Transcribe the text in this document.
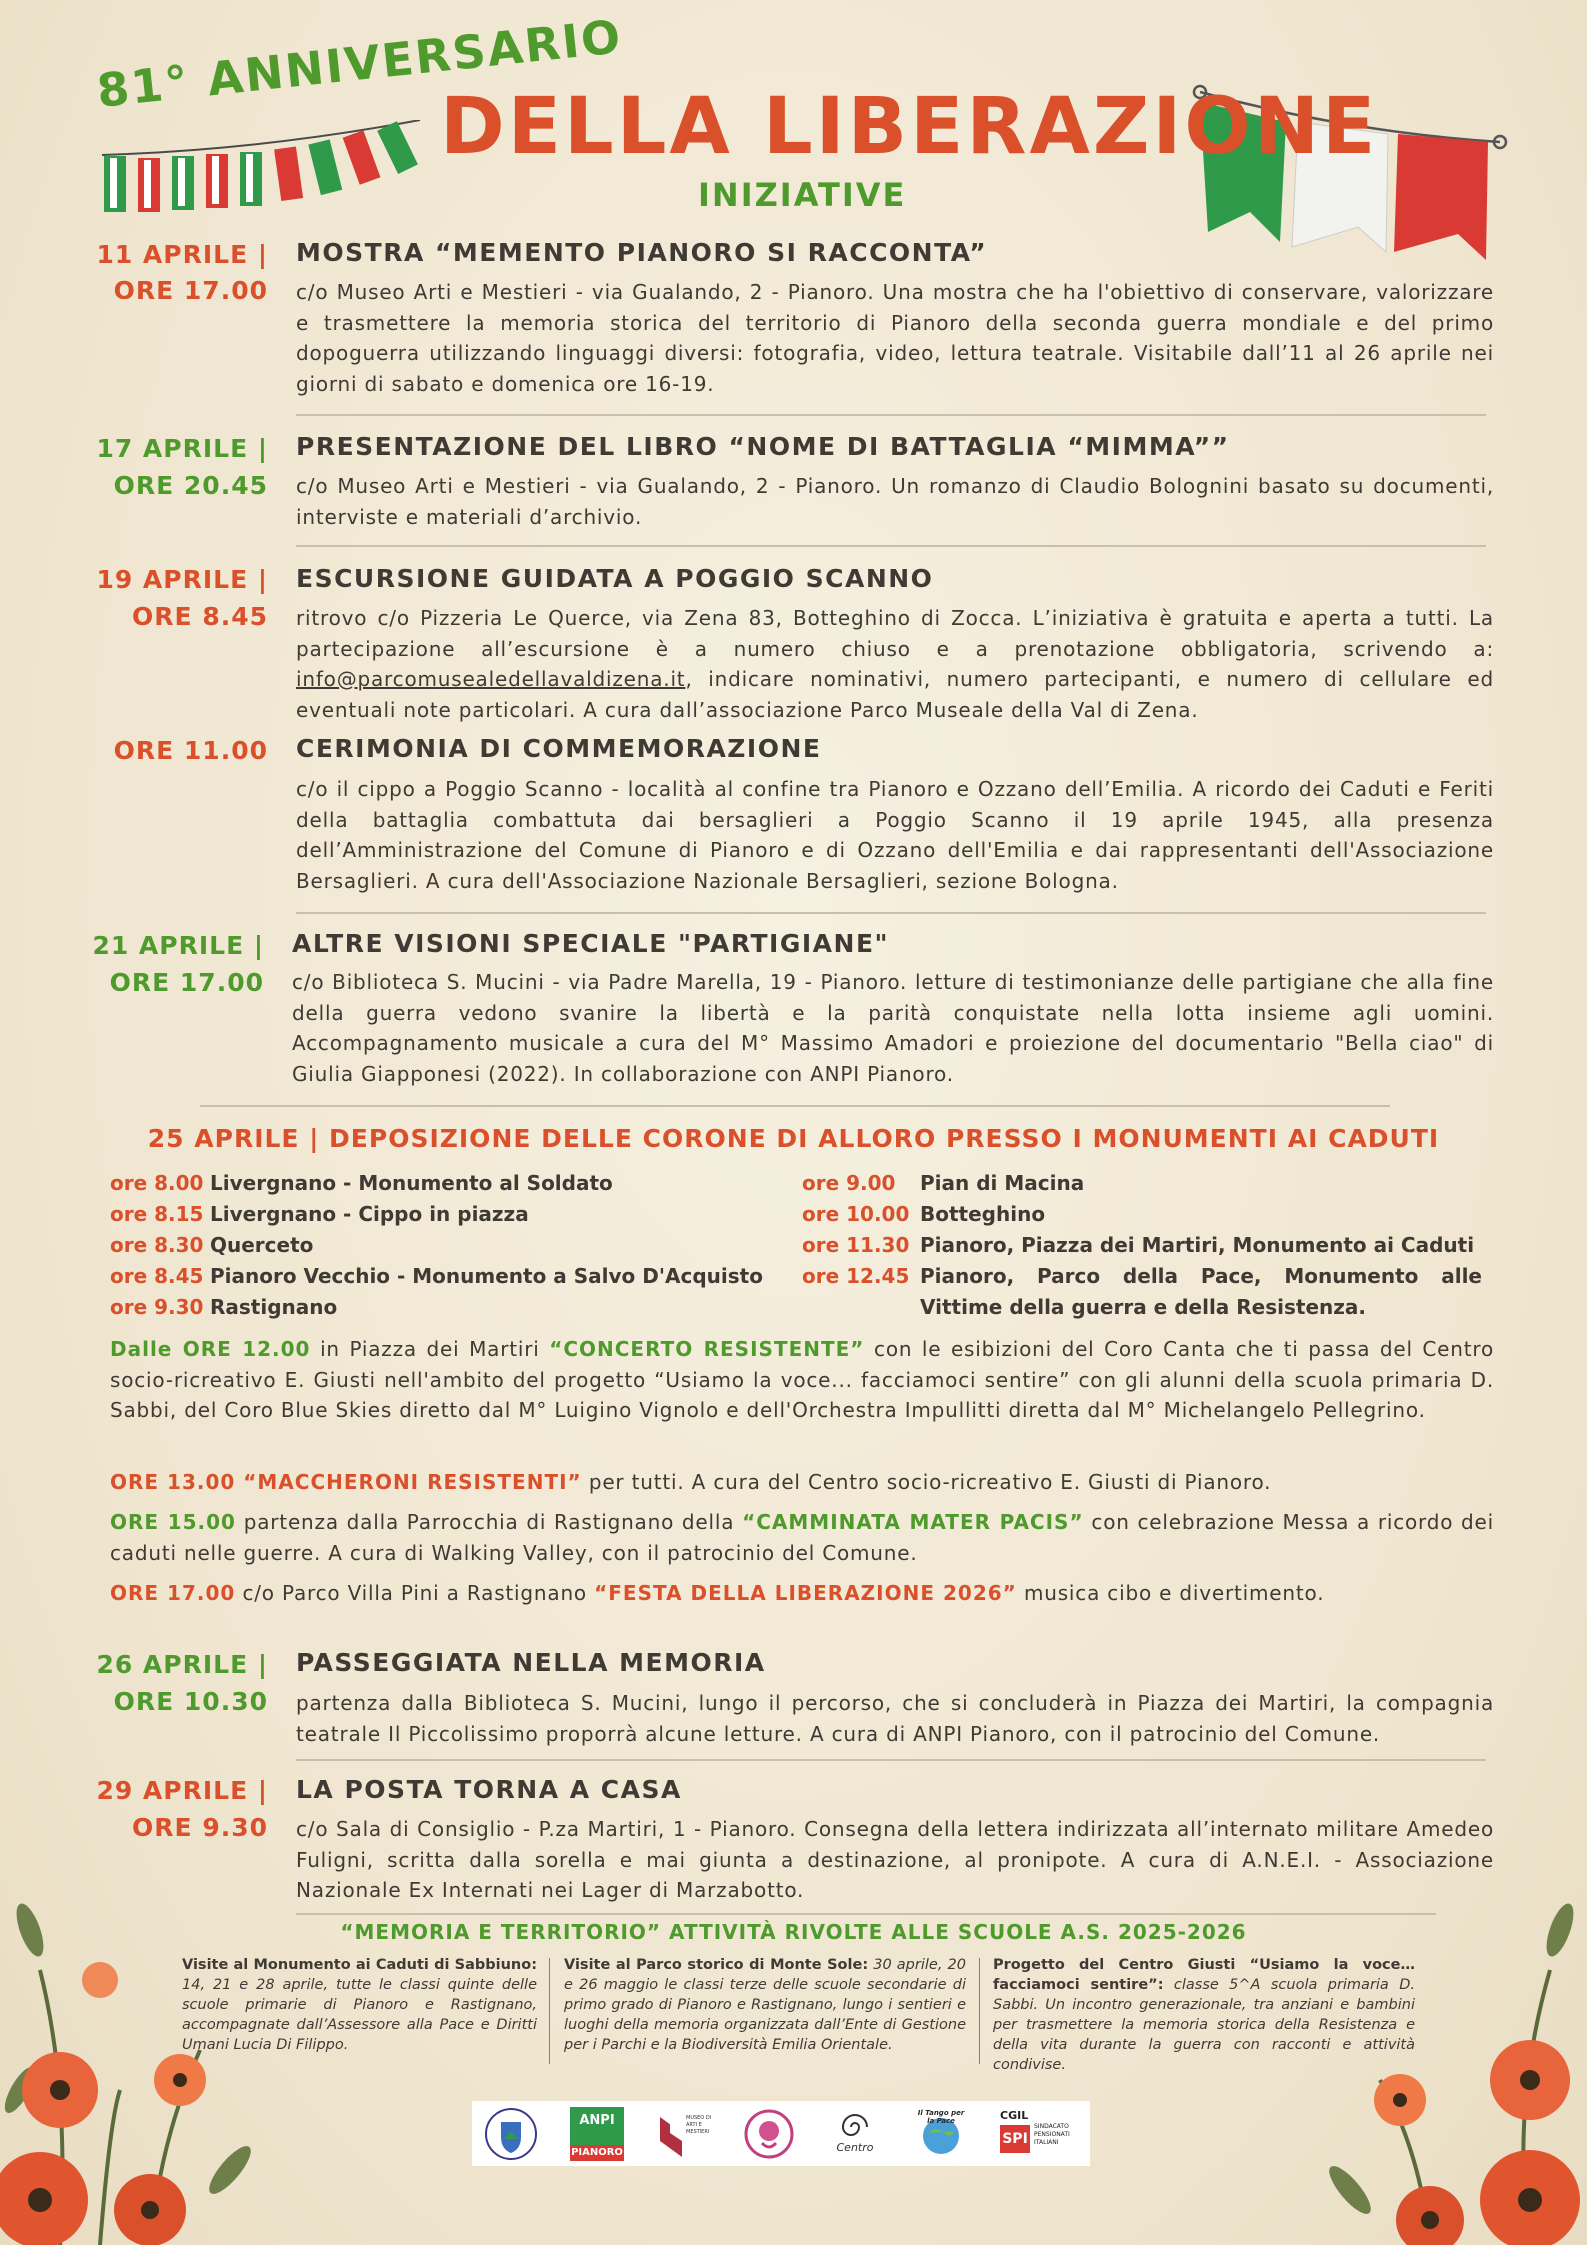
81° ANNIVERSARIO
DELLA LIBERAZIONE
INIZIATIVE
11 APRILE |
ORE 17.00
MOSTRA “MEMENTO PIANORO SI RACCONTA”
c/o Museo Arti e Mestieri - via Gualando, 2 - Pianoro. Una mostra che ha l'obiettivo di conservare, valorizzare e trasmettere la memoria storica del territorio di Pianoro della seconda guerra mondiale e del primo dopoguerra utilizzando linguaggi diversi: fotografia, video, lettura teatrale. Visitabile dall’11 al 26 aprile nei giorni di sabato e domenica ore 16-19.
17 APRILE |
ORE 20.45
PRESENTAZIONE DEL LIBRO “NOME DI BATTAGLIA “MIMMA””
c/o Museo Arti e Mestieri - via Gualando, 2 - Pianoro. Un romanzo di Claudio Bolognini basato su documenti, interviste e materiali d’archivio.
19 APRILE |
ORE 8.45
ESCURSIONE GUIDATA A POGGIO SCANNO
ritrovo c/o Pizzeria Le Querce, via Zena 83, Botteghino di Zocca. L’iniziativa è gratuita e aperta a tutti. La partecipazione all’escursione è a numero chiuso e a prenotazione obbligatoria, scrivendo a: info@parcomusealedellavaldizena.it, indicare nominativi, numero partecipanti, e numero di cellulare ed eventuali note particolari. A cura dall’associazione Parco Museale della Val di Zena.
ORE 11.00 CERIMONIA DI COMMEMORAZIONE
c/o il cippo a Poggio Scanno - località al confine tra Pianoro e Ozzano dell’Emilia. A ricordo dei Caduti e Feriti della battaglia combattuta dai bersaglieri a Poggio Scanno il 19 aprile 1945, alla presenza dell’Amministrazione del Comune di Pianoro e di Ozzano dell'Emilia e dai rappresentanti dell'Associazione Bersaglieri. A cura dell'Associazione Nazionale Bersaglieri, sezione Bologna.
21 APRILE |
ORE 17.00
ALTRE VISIONI SPECIALE "PARTIGIANE"
c/o Biblioteca S. Mucini - via Padre Marella, 19 - Pianoro. letture di testimonianze delle partigiane che alla fine della guerra vedono svanire la libertà e la parità conquistate nella lotta insieme agli uomini. Accompagnamento musicale a cura del M° Massimo Amadori e proiezione del documentario "Bella ciao" di Giulia Giapponesi (2022). In collaborazione con ANPI Pianoro.
25 APRILE | DEPOSIZIONE DELLE CORONE DI ALLORO PRESSO I MONUMENTI AI CADUTI
ore 8.00 Livergnano - Monumento al Soldato
ore 8.15 Livergnano - Cippo in piazza
ore 8.30 Querceto
ore 8.45 Pianoro Vecchio - Monumento a Salvo D'Acquisto
ore 9.30 Rastignano
ore 9.00 Pian di Macina
ore 10.00 Botteghino
ore 11.30 Pianoro, Piazza dei Martiri, Monumento ai Caduti
ore 12.45 Pianoro, Parco della Pace, Monumento alle
Vittime della guerra e della Resistenza.
Dalle ORE 12.00 in Piazza dei Martiri “CONCERTO RESISTENTE” con le esibizioni del Coro Canta che ti passa del Centro socio-ricreativo E. Giusti nell'ambito del progetto “Usiamo la voce... facciamoci sentire” con gli alunni della scuola primaria D. Sabbi, del Coro Blue Skies diretto dal M° Luigino Vignolo e dell'Orchestra Impullitti diretta dal M° Michelangelo Pellegrino.
ORE 13.00 “MACCHERONI RESISTENTI” per tutti. A cura del Centro socio-ricreativo E. Giusti di Pianoro.
ORE 15.00 partenza dalla Parrocchia di Rastignano della “CAMMINATA MATER PACIS” con celebrazione Messa a ricordo dei caduti nelle guerre. A cura di Walking Valley, con il patrocinio del Comune.
ORE 17.00 c/o Parco Villa Pini a Rastignano “FESTA DELLA LIBERAZIONE 2026” musica cibo e divertimento.
26 APRILE |
ORE 10.30
PASSEGGIATA NELLA MEMORIA
partenza dalla Biblioteca S. Mucini, lungo il percorso, che si concluderà in Piazza dei Martiri, la compagnia teatrale Il Piccolissimo proporrà alcune letture. A cura di ANPI Pianoro, con il patrocinio del Comune.
29 APRILE |
ORE 9.30
LA POSTA TORNA A CASA
c/o Sala di Consiglio - P.za Martiri, 1 - Pianoro. Consegna della lettera indirizzata all’internato militare Amedeo Fuligni, scritta dalla sorella e mai giunta a destinazione, al pronipote. A cura di A.N.E.I. - Associazione Nazionale Ex Internati nei Lager di Marzabotto.
“MEMORIA E TERRITORIO” ATTIVITÀ RIVOLTE ALLE SCUOLE A.S. 2025-2026
Visite al Monumento ai Caduti di Sabbiuno: 14, 21 e 28 aprile, tutte le classi quinte delle scuole primarie di Pianoro e Rastignano, accompagnate dall’Assessore alla Pace e Diritti Umani Lucia Di Filippo.
Visite al Parco storico di Monte Sole: 30 aprile, 20 e 26 maggio le classi terze delle scuole secondarie di primo grado di Pianoro e Rastignano, lungo i sentieri e luoghi della memoria organizzata dall’Ente di Gestione per i Parchi e la Biodiversità Emilia Orientale.
Progetto del Centro Giusti “Usiamo la voce… facciamoci sentire”: classe 5^A scuola primaria D. Sabbi. Un incontro generazionale, tra anziani e bambini per trasmettere la memoria storica della Resistenza e della vita durante la guerra con racconti e attività condivise.
ANPI
PIANORO
MUSEO DI ARTI E MESTIERI
Centro
Il Tango per la Pace	CGIL
SPI
SINDACATO PENSIONATI ITALIANI
